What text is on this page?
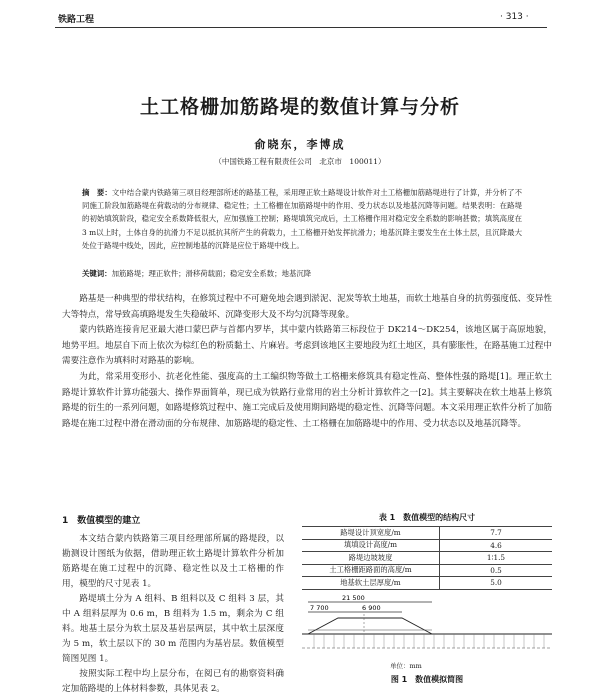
铁路工程	· 313 ·
土工格栅加筋路堤的数值计算与分析
俞晓东，李博成
（中国铁路工程有限责任公司　北京市　100011）
摘　要：文中结合蒙内铁路第三项目经理部所述的路基工程，采用理正软土路堤设计软件对土工格栅加筋路堤进行了计算，并分析了不同施工阶段加筋路堤在荷载动的分布规律、稳定性；土工格栅在加筋路堤中的作用、受力状态以及地基沉降等问题。结果表明：在路堤的初始填筑阶段，稳定安全系数降低很大，应加强施工控制；路堤填筑完成后，土工格栅作用对稳定安全系数的影响甚微；填筑高度在3 m以上时，土体自身的抗滑力不足以抵抗其所产生的荷载力，土工格栅开始发挥抗滑力；地基沉降主要发生在土体土层，且沉降最大处位于路堤中线处，因此，应控制地基的沉降是应位于路堤中线上。
关键词：加筋路堤；理正软件；滑移荷载面；稳定安全系数；地基沉降

路基是一种典型的带状结构，在修筑过程中不可避免地会遇到淤泥、泥炭等软土地基，而软土地基自身的抗剪强度低、变异性大等特点，常导致高填路堤发生失稳破坏、沉降变形大及不均匀沉降等现象。

蒙内铁路连接肯尼亚最大港口蒙巴萨与首都内罗毕，其中蒙内铁路第三标段位于 DK214～DK254，该地区属于高原地貌，地势平坦。地层自下而上依次为棕红色的粉质黏土、片麻岩。考虑到该地区主要地段为红土地区，具有膨胀性，在路基施工过程中需要注意作为填料时对路基的影响。

为此，常采用变形小、抗老化性能、强度高的土工编织物等做土工格栅来修筑具有稳定性高、整体性强的路堤[1]。理正软土路堤计算软件计算功能强大、操作界面简单，现已成为铁路行业常用的岩土分析计算软件之一[2]。其主要解决在软土地基上修筑路堤的衍生的一系列问题，如路堤修筑过程中、施工完成后及使用期间路堤的稳定性、沉降等问题。本文采用理正软件分析了加筋路堤在施工过程中滑在滑动面的分布规律、加筋路堤的稳定性、土工格栅在加筋路堤中的作用、受力状态以及地基沉降等。

1　数值模型的建立

本文结合蒙内铁路第三项目经理部所属的路堤段，以勘测设计图纸为依据，借助理正软土路堤计算软件分析加筋路堤在施工过程中的沉降、稳定性以及土工格栅的作用，模型的尺寸见表 1。

路堤填土分为 A 组料、B 组料以及 C 组料 3 层，其中 A 组料层厚为 0.6 m，B 组料为 1.5 m，剩余为 C 组料。地基土层分为软土层及基岩层两层，其中软土层深度为 5 m，软土层以下的 30 m 范围内为基岩层。数值模型简图见图 1。

按照实际工程中均上层分布，在阅已有的勘察资料确定加筋路堤的上体材料参数，具体见表 2。

表 1　数值模型的结构尺寸
路堤设计顶宽度/m	7.7
填填设计高度/m	4.6
路堤边坡坡度	1∶1.5
土工格栅距路面的高度/m	0.5
地基软土层厚度/m	5.0
21 500
7 700	6 900
单位：mm
图 1　数值模拟简图
